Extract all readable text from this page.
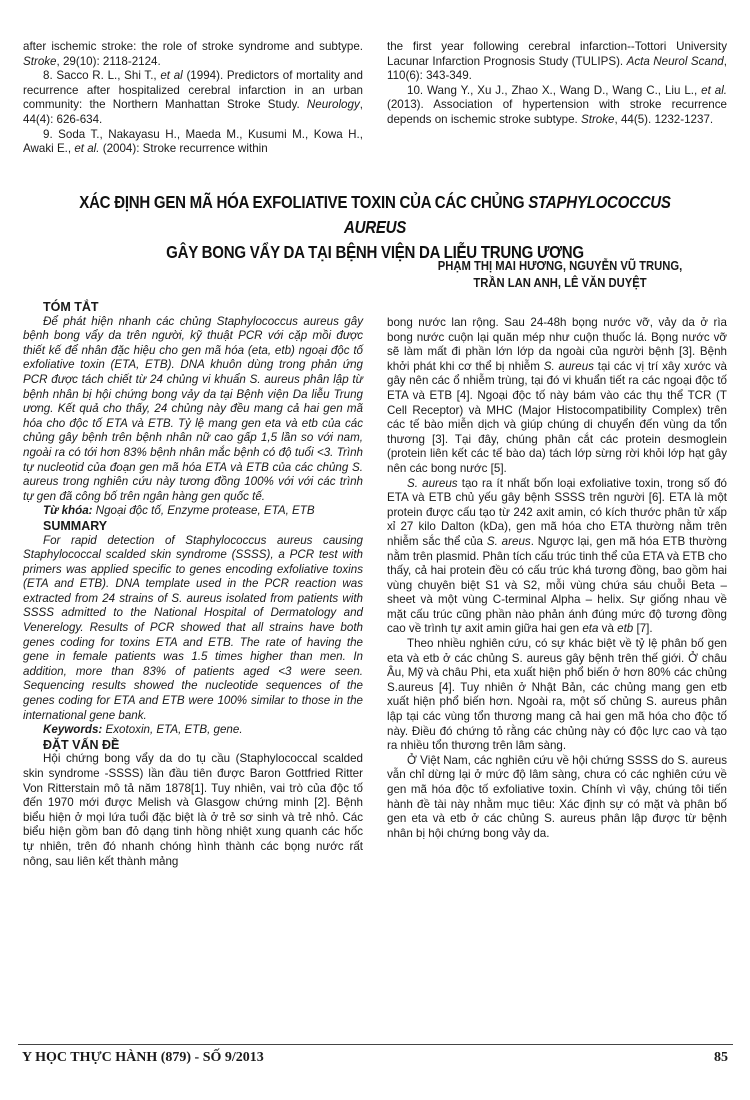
after ischemic stroke: the role of stroke syndrome and subtype. Stroke, 29(10): 2118-2124.

8. Sacco R. L., Shi T., et al (1994). Predictors of mortality and recurrence after hospitalized cerebral infarction in an urban community: the Northern Manhattan Stroke Study. Neurology, 44(4): 626-634.

9. Soda T., Nakayasu H., Maeda M., Kusumi M., Kowa H., Awaki E., et al. (2004): Stroke recurrence within

the first year following cerebral infarction--Tottori University Lacunar Infarction Prognosis Study (TULIPS). Acta Neurol Scand, 110(6): 343-349.

10. Wang Y., Xu J., Zhao X., Wang D., Wang C., Liu L., et al. (2013). Association of hypertension with stroke recurrence depends on ischemic stroke subtype. Stroke, 44(5). 1232-1237.

XÁC ĐỊNH GEN MÃ HÓA EXFOLIATIVE TOXIN CỦA CÁC CHỦNG STAPHYLOCOCCUS AUREUS
GÂY BONG VẨY DA TẠI BỆNH VIỆN DA LIỄU TRUNG ƯƠNG
PHẠM THỊ MAI HƯƠNG, NGUYỄN VŨ TRUNG,
TRẦN LAN ANH, LÊ VĂN DUYỆT

TÓM TẮT

Để phát hiện nhanh các chủng Staphylococcus aureus gây bệnh bong vẩy da trên người, kỹ thuật PCR với cặp mồi được thiết kế để nhân đặc hiệu cho gen mã hóa (eta, etb) ngoại độc tố exfoliative toxin (ETA, ETB). DNA khuôn dùng trong phản ứng PCR được tách chiết từ 24 chủng vi khuẩn S. aureus phân lập từ bệnh nhân bị hội chứng bong vảy da tại Bệnh viện Da liễu Trung ương. Kết quả cho thấy, 24 chủng này đều mang cả hai gen mã hóa cho độc tố ETA và ETB. Tỷ lệ mang gen eta và etb của các chủng gây bệnh trên bệnh nhân nữ cao gấp 1,5 lần so với nam, ngoài ra có tới hơn 83% bệnh nhân mắc bệnh có độ tuổi <3. Trình tự nucleotid của đoạn gen mã hóa ETA và ETB của các chủng S. aureus trong nghiên cứu này tương đồng 100% với với các trình tự gen đã công bố trên ngân hàng gen quốc tế.

Từ khóa: Ngoại độc tố, Enzyme protease, ETA, ETB

SUMMARY

For rapid detection of Staphylococcus aureus causing Staphylococcal scalded skin syndrome (SSSS), a PCR test with primers was applied specific to genes encoding exfoliative toxins (ETA and ETB). DNA template used in the PCR reaction was extracted from 24 strains of S. aureus isolated from patients with SSSS admitted to the National Hospital of Dermatology and Venerelogy. Results of PCR showed that all strains have both genes coding for toxins ETA and ETB. The rate of having the gene in female patients was 1.5 times higher than men. In addition, more than 83% of patients aged <3 were seen. Sequencing results showed the nucleotide sequences of the genes coding for ETA and ETB were 100% similar to those in the international gene bank.

Keywords: Exotoxin, ETA, ETB, gene.

ĐẶT VẤN ĐỀ

Hội chứng bong vẩy da do tụ cầu (Staphylococcal scalded skin syndrome -SSSS) lần đầu tiên được Baron Gottfried Ritter Von Ritterstain mô tả năm 1878[1]. Tuy nhiên, vai trò của độc tố đến 1970 mới được Melish và Glasgow chứng minh [2]. Bệnh biểu hiện ở mọi lứa tuổi đặc biệt là ở trẻ sơ sinh và trẻ nhỏ. Các biểu hiện gồm ban đỏ dạng tinh hồng nhiệt xung quanh các hốc tự nhiên, trên đó nhanh chóng hình thành các bọng nước rất nông, sau liên kết thành mảng

bong nước lan rộng. Sau 24-48h bọng nước vỡ, vảy da ở rìa bong nước cuộn lại quăn mép như cuộn thuốc lá. Bọng nước vỡ sẽ làm mất đi phần lớn lớp da ngoài của người bệnh [3]. Bệnh khởi phát khi cơ thể bị nhiễm S. aureus tại các vị trí xây xước và gây nên các ổ nhiễm trùng, tại đó vi khuẩn tiết ra các ngoại độc tố ETA và ETB [4]. Ngoại độc tố này bám vào các thụ thể TCR (T Cell Receptor) và MHC (Major Histocompatibility Complex) trên các tế bào miễn dịch và giúp chúng di chuyển đến vùng da tổn thương [3]. Tại đây, chúng phân cắt các protein desmoglein (protein liên kết các tế bào da) tách lớp sừng rời khỏi lớp hạt gây nên các bong nước [5].

S. aureus tạo ra ít nhất bốn loại exfoliative toxin, trong số đó ETA và ETB chủ yếu gây bệnh SSSS trên người [6]. ETA là một protein được cấu tạo từ 242 axit amin, có kích thước phân tử xấp xỉ 27 kilo Dalton (kDa), gen mã hóa cho ETA thường nằm trên nhiễm sắc thể của S. areus. Ngược lại, gen mã hóa ETB thường nằm trên plasmid. Phân tích cấu trúc tinh thể của ETA và ETB cho thấy, cả hai protein đều có cấu trúc khá tương đồng, bao gồm hai vùng chuyên biệt S1 và S2, mỗi vùng chứa sáu chuỗi Beta – sheet và một vùng C-terminal Alpha – helix. Sự giống nhau về mặt cấu trúc cũng phần nào phản ánh đúng mức độ tương đồng cao về trình tự axit amin giữa hai gen eta và etb [7].

Theo nhiều nghiên cứu, có sự khác biệt về tỷ lệ phân bố gen eta và etb ở các chủng S. aureus gây bệnh trên thế giới. Ở châu Âu, Mỹ và châu Phi, eta xuất hiện phổ biến ở hơn 80% các chủng S.aureus [4]. Tuy nhiên ở Nhật Bản, các chủng mang gen etb xuất hiện phổ biến hơn. Ngoài ra, một số chủng S. aureus phân lập tại các vùng tổn thương mang cả hai gen mã hóa cho độc tố này. Điều đó chứng tỏ rằng các chủng này có độc lực cao và tạo ra nhiều tổn thương trên lâm sàng.

Ở Việt Nam, các nghiên cứu về hội chứng SSSS do S. aureus vẫn chỉ dừng lại ở mức độ lâm sàng, chưa có các nghiên cứu về gen mã hóa độc tố exfoliative toxin. Chính vì vậy, chúng tôi tiến hành đề tài này nhằm mục tiêu: Xác định sự có mặt và phân bố gen eta và etb ở các chủng S. aureus phân lập được từ bệnh nhân bị hội chứng bong vảy da.

Y HỌC THỰC HÀNH (879) - SỐ 9/2013	85
